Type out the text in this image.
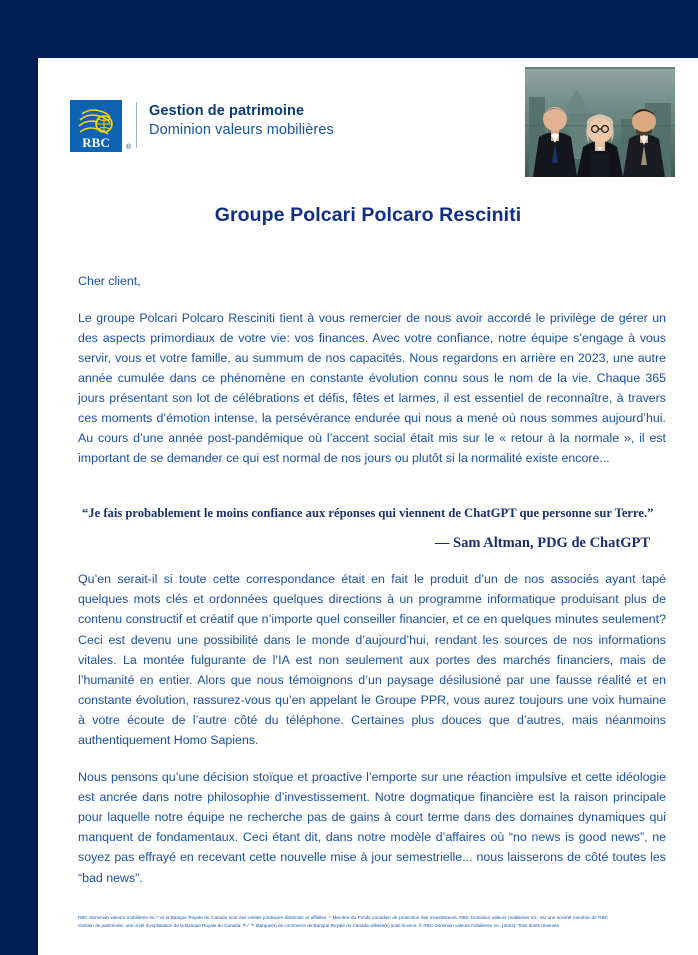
RBC ®
Gestion de patrimoine
Dominion valeurs mobilières
Groupe Polcari Polcaro Resciniti
Cher client,

Le groupe Polcari Polcaro Resciniti tient à vous remercier de nous avoir accordé le privilège de gérer un des aspects primordiaux de votre vie: vos finances. Avec votre confiance, notre équipe s’engage à vous servir, vous et votre famille, au summum de nos capacités. Nous regardons en arrière en 2023, une autre année cumulée dans ce phénomène en constante évolution connu sous le nom de la vie. Chaque 365 jours présentant son lot de célébrations et défis, fêtes et larmes, il est essentiel de reconnaître, à travers ces moments d’émotion intense, la persévérance endurée qui nous a mené où nous sommes aujourd’hui. Au cours d’une année post-pandémique où l’accent social était mis sur le « retour à la normale », il est important de se demander ce qui est normal de nos jours ou plutôt si la normalité existe encore...

“Je fais probablement le moins confiance aux réponses qui viennent de ChatGPT que personne sur Terre.”
— Sam Altman, PDG de ChatGPT

Qu’en serait-il si toute cette correspondance était en fait le produit d’un de nos associés ayant tapé quelques mots clés et ordonnées quelques directions à un programme informatique produisant plus de contenu constructif et créatif que n’importe quel conseiller financier, et ce en quelques minutes seulement? Ceci est devenu une possibilité dans le monde d’aujourd’hui, rendant les sources de nos informations vitales. La montée fulgurante de l’IA est non seulement aux portes des marchés financiers, mais de l’humanité en entier. Alors que nous témoignons d’un paysage désilusioné par une fausse réalité et en constante évolution, rassurez-vous qu’en appelant le Groupe PPR, vous aurez toujours une voix humaine à votre écoute de l’autre côté du téléphone. Certaines plus douces que d’autres, mais néanmoins authentiquement Homo Sapiens.

Nous pensons qu’une décision stoïque et proactive l’emporte sur une réaction impulsive et cette idéologie est ancrée dans notre philosophie d’investissement. Notre dogmatique financière est la raison principale pour laquelle notre équipe ne recherche pas de gains à court terme dans des domaines dynamiques qui manquent de fondamentaux. Ceci étant dit, dans notre modèle d’affaires où “no news is good news”, ne soyez pas effrayé en recevant cette nouvelle mise à jour semestrielle... nous laisserons de côté toutes les “bad news”.

RBC Dominion valeurs mobilières Inc.* et la Banque Royale du Canada sont des entités juridiques distinctes et affiliées. * Membre-du Fonds canadien de protection des investisseurs. RBC Dominion valeurs mobilières Inc. est une société membre de RBC Gestion de patrimoine, une unité d’exploitation de la Banque Royale du Canada. ® / ™ Marque(s) de commerce de Banque Royale du Canada utilisée(s) sous licence. © RBC Dominion valeurs mobilières Inc. (2024). Tous droits réservés.
